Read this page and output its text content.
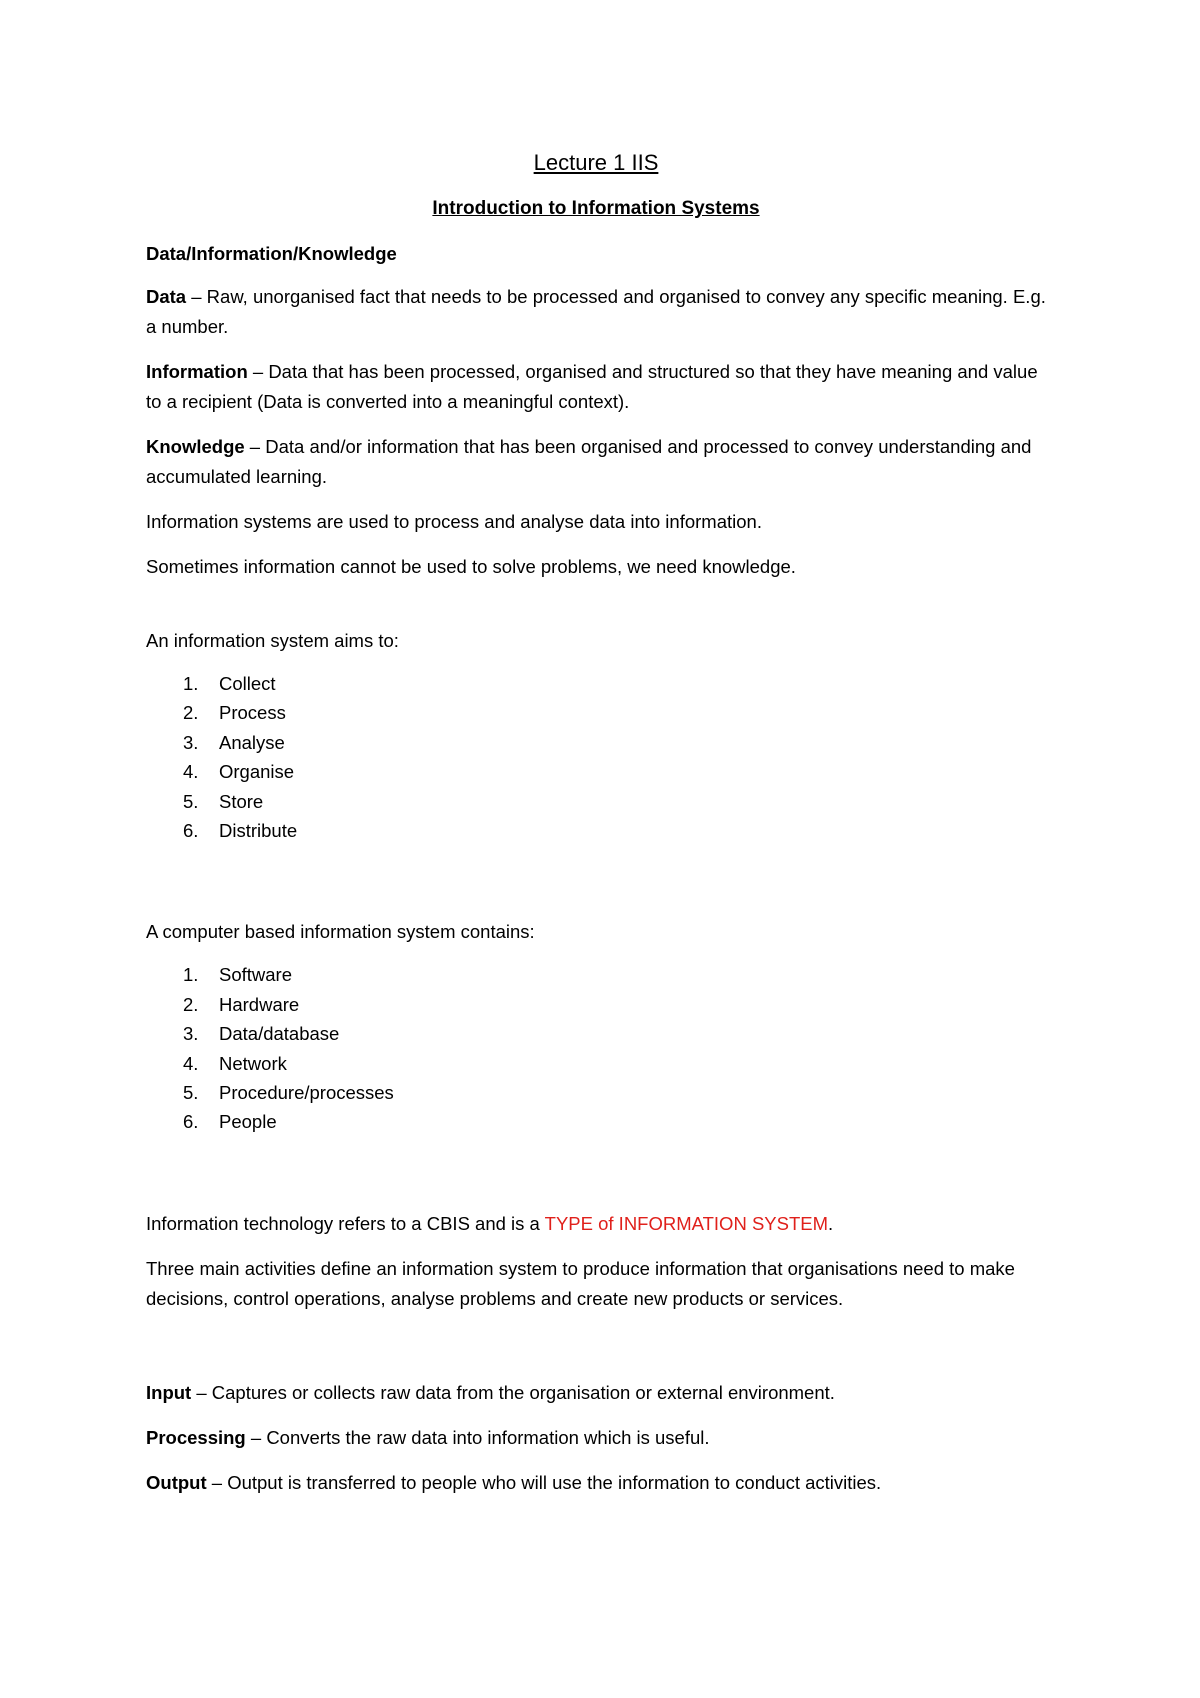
Lecture 1 IIS
Introduction to Information Systems
Data/Information/Knowledge

Data – Raw, unorganised fact that needs to be processed and organised to convey any specific meaning. E.g. a number.

Information – Data that has been processed, organised and structured so that they have meaning and value to a recipient (Data is converted into a meaningful context).

Knowledge – Data and/or information that has been organised and processed to convey understanding and accumulated learning.

Information systems are used to process and analyse data into information.

Sometimes information cannot be used to solve problems, we need knowledge.

An information system aims to:

1. Collect
2. Process
3. Analyse
4. Organise
5. Store
6. Distribute

A computer based information system contains:

1. Software
2. Hardware
3. Data/database
4. Network
5. Procedure/processes
6. People

Information technology refers to a CBIS and is a TYPE of INFORMATION SYSTEM.

Three main activities define an information system to produce information that organisations need to make decisions, control operations, analyse problems and create new products or services.

Input – Captures or collects raw data from the organisation or external environment.

Processing – Converts the raw data into information which is useful.

Output – Output is transferred to people who will use the information to conduct activities.
